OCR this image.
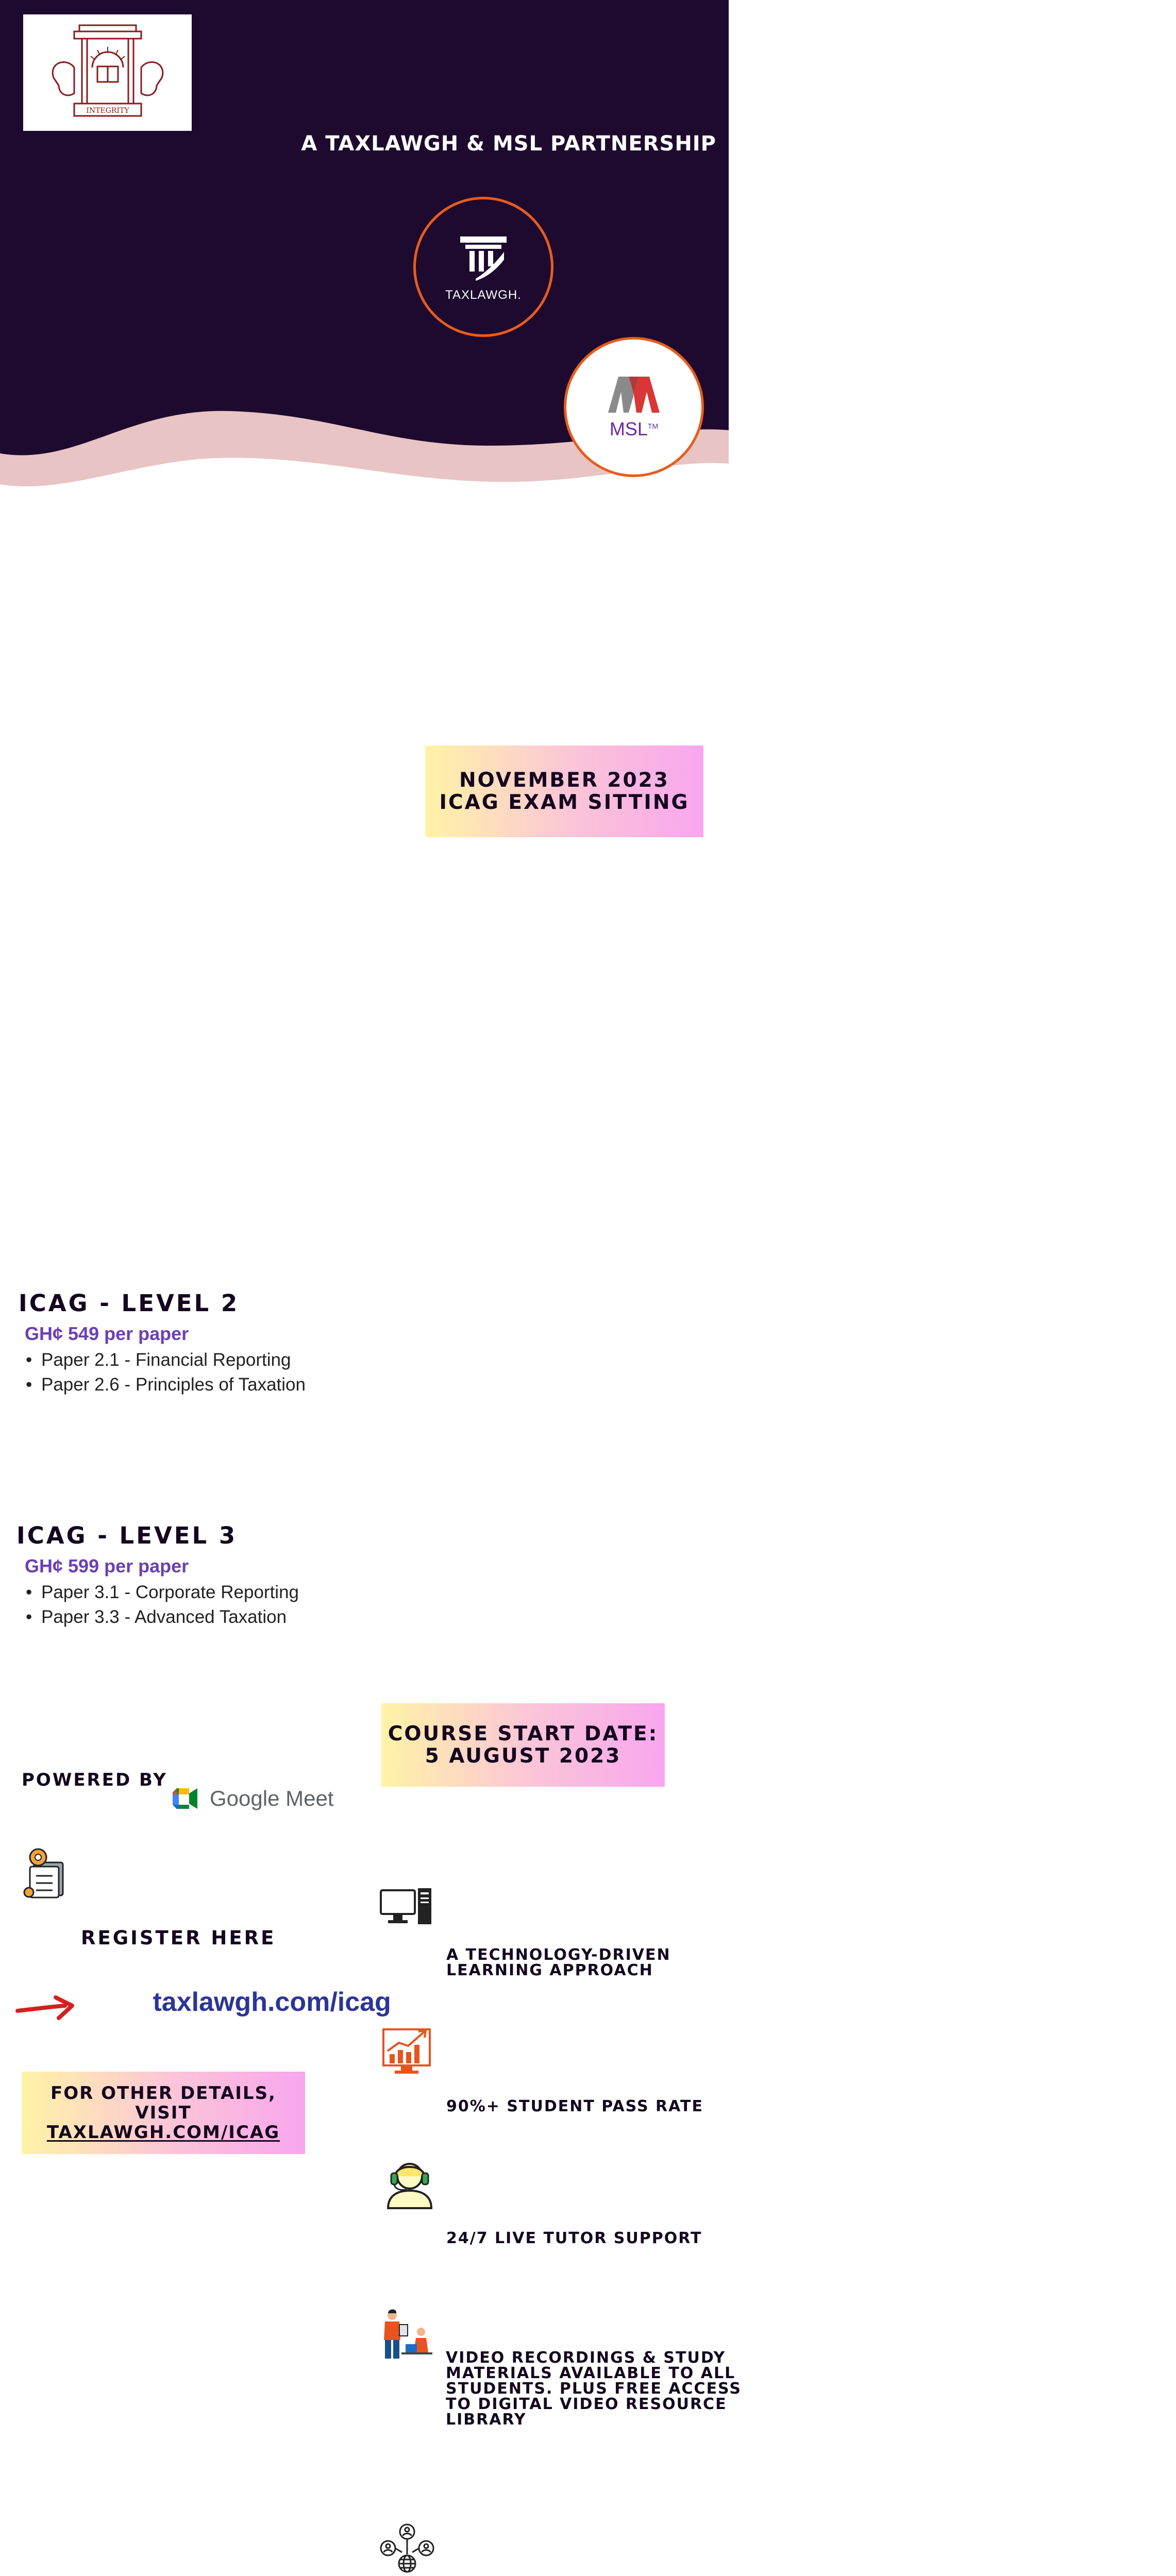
INTEGRITY
A TAXLAWGH & MSL PARTNERSHIP
TAXLAWGH.
MSL™
PASS YOUR ICAG EXAM
ON YOUR VERY
FIRST ATTEMPT
NOVEMBER 2023
ICAG EXAM SITTING
BY JOINING OUR PREMIUM LIVE TUITION
PROGRAM FOR THE NOVEMBER 2023
ICAG EXAM SITTING
ICAG - LEVEL 2
GH¢ 549 per paper
• Paper 2.1 - Financial Reporting
• Paper 2.6 - Principles of Taxation
ICAG - LEVEL 3
GH¢ 599 per paper
• Paper 3.1 - Corporate Reporting
• Paper 3.3 - Advanced Taxation
POWERED BY
Google Meet
REGISTER HERE
taxlawgh.com/icag
FOR OTHER DETAILS, VISIT
TAXLAWGH.COM/ICAG
COURSE START DATE:
5 AUGUST 2023
A TECHNOLOGY-DRIVEN
LEARNING APPROACH
90%+ STUDENT PASS RATE
24/7 LIVE TUTOR SUPPORT
VIDEO RECORDINGS & STUDY
MATERIALS AVAILABLE TO ALL
STUDENTS. PLUS FREE ACCESS
TO DIGITAL VIDEO RESOURCE
LIBRARY
